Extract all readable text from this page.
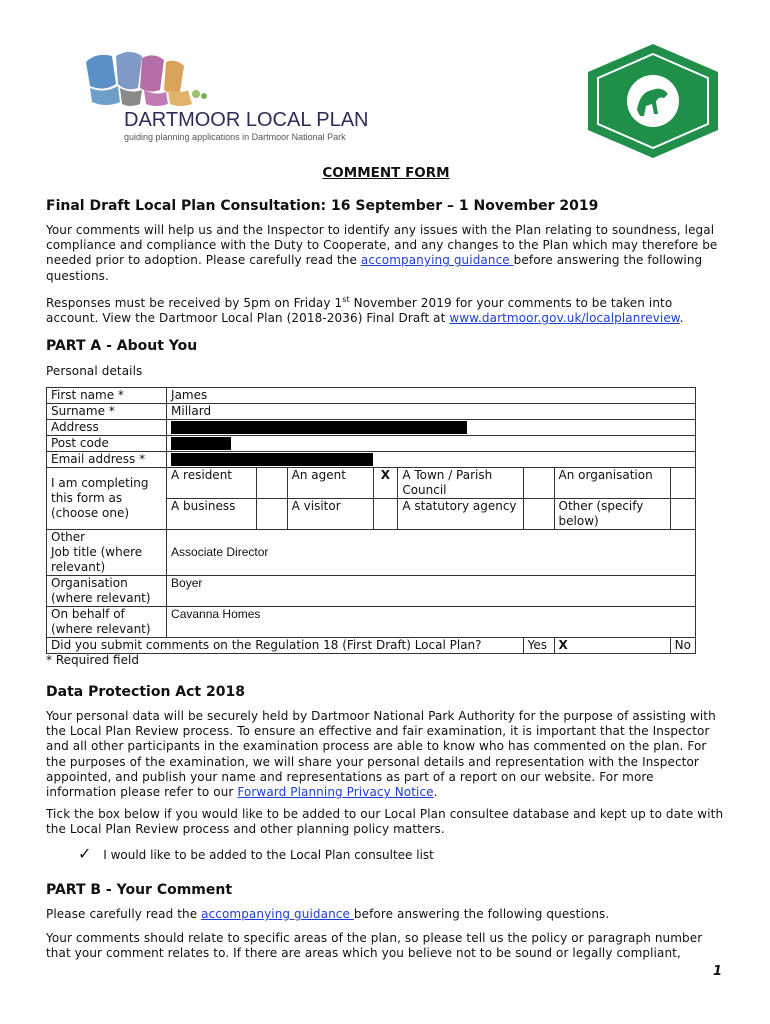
DARTMOOR LOCAL PLAN
guiding planning applications in Dartmoor National Park
COMMENT FORM
Final Draft Local Plan Consultation: 16 September – 1 November 2019
Your comments will help us and the Inspector to identify any issues with the Plan relating to soundness, legal compliance and compliance with the Duty to Cooperate, and any changes to the Plan which may therefore be needed prior to adoption. Please carefully read the accompanying guidance before answering the following questions.
Responses must be received by 5pm on Friday 1st November 2019 for your comments to be taken into account. View the Dartmoor Local Plan (2018-2036) Final Draft at www.dartmoor.gov.uk/localplanreview.
PART A - About You
Personal details
First name *	James							
Surname *	Millard							
Address								
Post code								
Email address *								
I am completing this form as (choose one)	A resident		An agent	X	A Town / Parish Council		An organisation	
	A business		A visitor		A statutory agency		Other (specify below)	

Other
Job title (where relevant)	Associate Director							
Organisation (where relevant)	Boyer							
On behalf of (where relevant)	Cavanna Homes							
Did you submit comments on the Regulation 18 (First Draft) Local Plan?						Yes	X	No
* Required field
Data Protection Act 2018
Your personal data will be securely held by Dartmoor National Park Authority for the purpose of assisting with the Local Plan Review process. To ensure an effective and fair examination, it is important that the Inspector and all other participants in the examination process are able to know who has commented on the plan. For the purposes of the examination, we will share your personal details and representation with the Inspector appointed, and publish your name and representations as part of a report on our website. For more information please refer to our Forward Planning Privacy Notice.
Tick the box below if you would like to be added to our Local Plan consultee database and kept up to date with the Local Plan Review process and other planning policy matters.
✓ I would like to be added to the Local Plan consultee list
PART B - Your Comment
Please carefully read the accompanying guidance before answering the following questions.
Your comments should relate to specific areas of the plan, so please tell us the policy or paragraph number that your comment relates to. If there are areas which you believe not to be sound or legally compliant,
1
